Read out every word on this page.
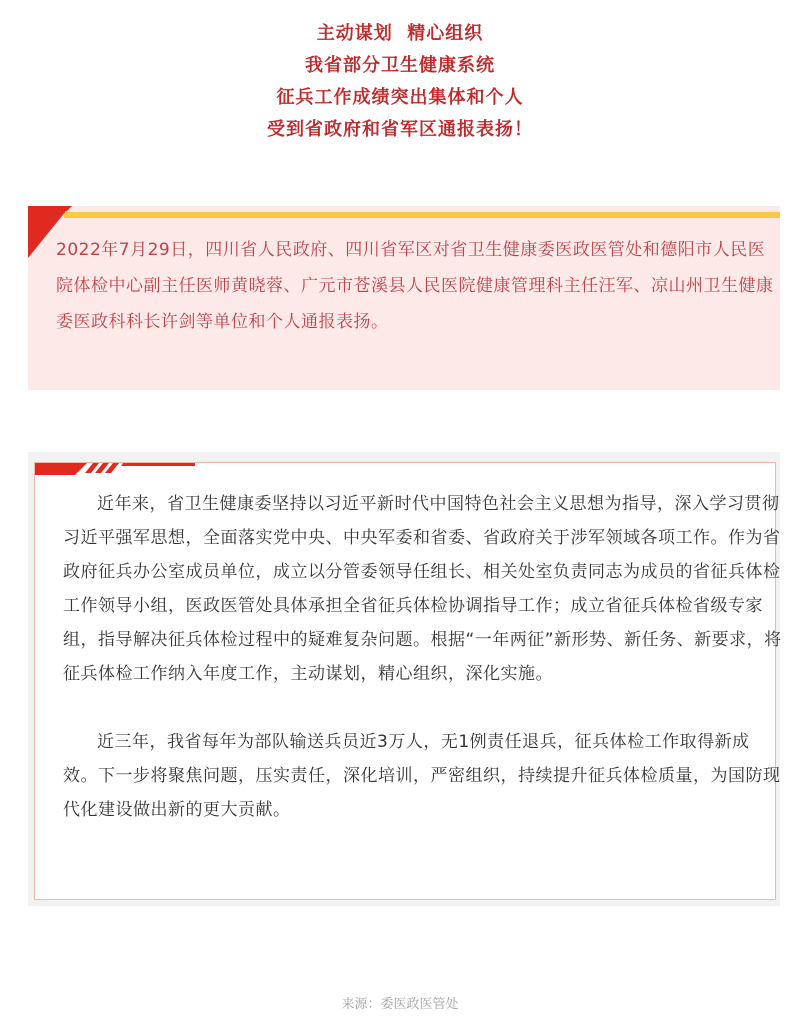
主动谋划  精心组织
我省部分卫生健康系统
征兵工作成绩突出集体和个人
受到省政府和省军区通报表扬！
2022年7月29日，四川省人民政府、四川省军区对省卫生健康委医政医管处和德阳市人民医院体检中心副主任医师黄晓蓉、广元市苍溪县人民医院健康管理科主任汪军、凉山州卫生健康委医政科科长许剑等单位和个人通报表扬。

近年来，省卫生健康委坚持以习近平新时代中国特色社会主义思想为指导，深入学习贯彻习近平强军思想，全面落实党中央、中央军委和省委、省政府关于涉军领域各项工作。作为省政府征兵办公室成员单位，成立以分管委领导任组长、相关处室负责同志为成员的省征兵体检工作领导小组，医政医管处具体承担全省征兵体检协调指导工作；成立省征兵体检省级专家组，指导解决征兵体检过程中的疑难复杂问题。根据“一年两征”新形势、新任务、新要求，将征兵体检工作纳入年度工作，主动谋划，精心组织，深化实施。

近三年，我省每年为部队输送兵员近3万人，无1例责任退兵，征兵体检工作取得新成效。下一步将聚焦问题，压实责任，深化培训，严密组织，持续提升征兵体检质量，为国防现代化建设做出新的更大贡献。

来源：委医政医管处
